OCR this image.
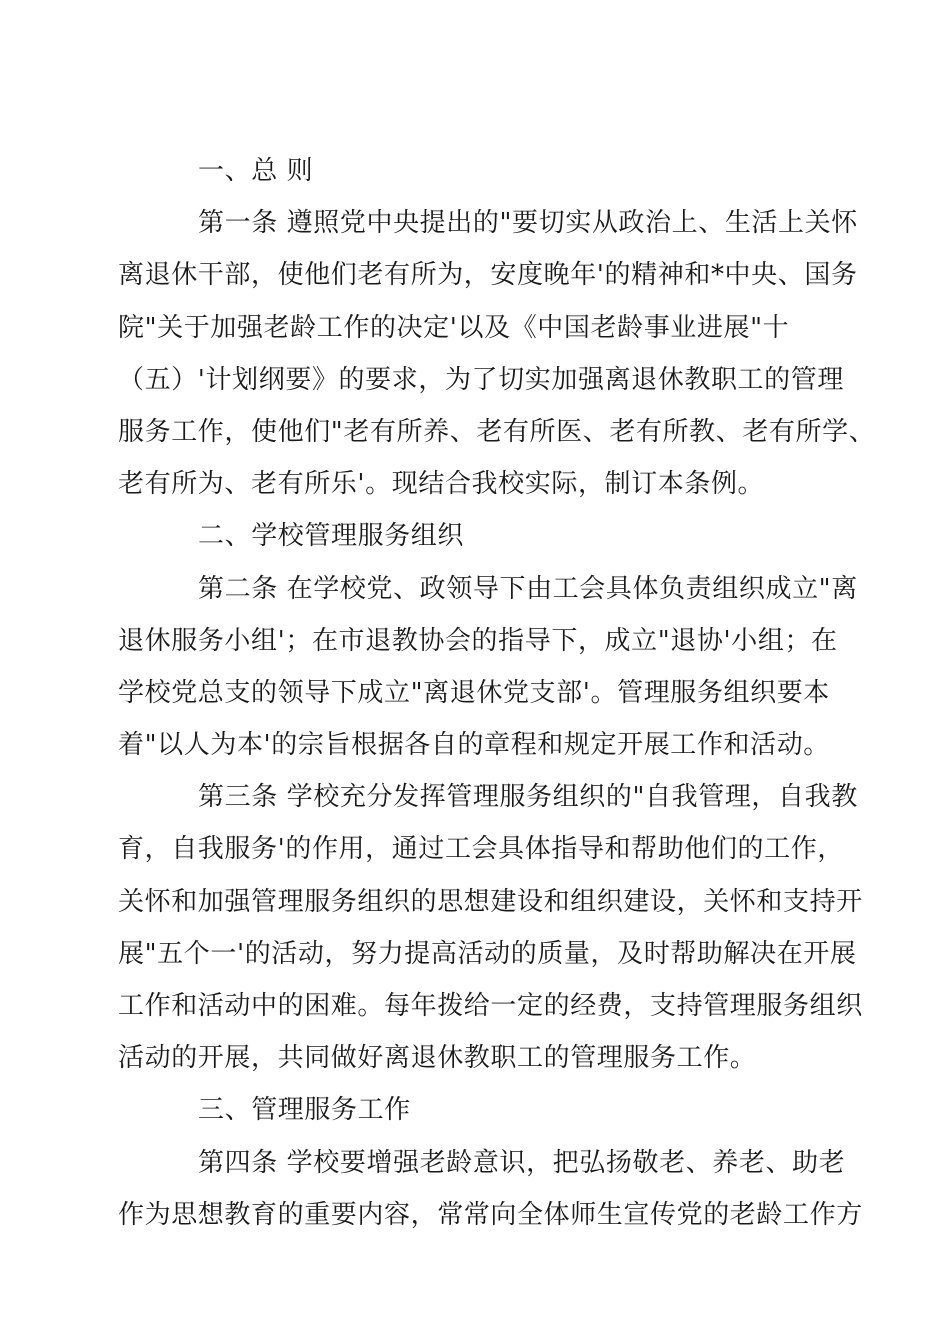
一、总 则
第一条 遵照党中央提出的"要切实从政治上、生活上关怀
离退休干部，使他们老有所为，安度晚年'的精神和*中央、国务
院"关于加强老龄工作的决定'以及《中国老龄事业进展"十
（五）'计划纲要》的要求，为了切实加强离退休教职工的管理
服务工作，使他们"老有所养、老有所医、老有所教、老有所学、
老有所为、老有所乐'。现结合我校实际，制订本条例。
二、学校管理服务组织
第二条 在学校党、政领导下由工会具体负责组织成立"离
退休服务小组'；在市退教协会的指导下，成立"退协'小组；在
学校党总支的领导下成立"离退休党支部'。管理服务组织要本
着"以人为本'的宗旨根据各自的章程和规定开展工作和活动。
第三条 学校充分发挥管理服务组织的"自我管理，自我教
育，自我服务'的作用，通过工会具体指导和帮助他们的工作，
关怀和加强管理服务组织的思想建设和组织建设，关怀和支持开
展"五个一'的活动，努力提高活动的质量，及时帮助解决在开展
工作和活动中的困难。每年拨给一定的经费，支持管理服务组织
活动的开展，共同做好离退休教职工的管理服务工作。
三、管理服务工作
第四条 学校要增强老龄意识，把弘扬敬老、养老、助老
作为思想教育的重要内容，常常向全体师生宣传党的老龄工作方
